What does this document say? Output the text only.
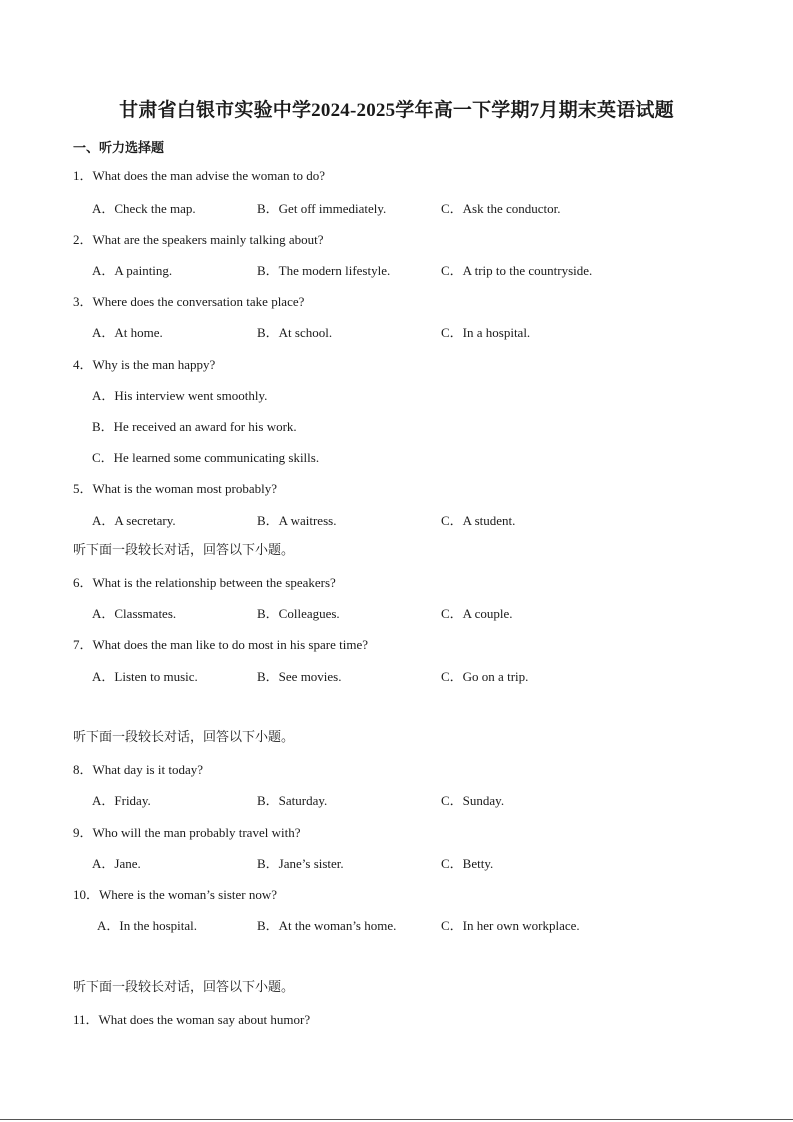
甘肃省白银市实验中学2024-2025学年高一下学期7月期末英语试题
一、听力选择题
1．What does the man advise the woman to do?
A．Check the map.	B．Get off immediately.	C．Ask the conductor.
2．What are the speakers mainly talking about?
A．A painting.	B．The modern lifestyle.	C．A trip to the countryside.
3．Where does the conversation take place?
A．At home.	B．At school.	C．In a hospital.
4．Why is the man happy?
A．His interview went smoothly.
B．He received an award for his work.
C．He learned some communicating skills.
5．What is the woman most probably?
A．A secretary.	B．A waitress.	C．A student.
听下面一段较长对话，回答以下小题。
6．What is the relationship between the speakers?
A．Classmates.	B．Colleagues.	C．A couple.
7．What does the man like to do most in his spare time?
A．Listen to music.	B．See movies.	C．Go on a trip.
听下面一段较长对话，回答以下小题。
8．What day is it today?
A．Friday.	B．Saturday.	C．Sunday.
9．Who will the man probably travel with?
A．Jane.	B．Jane’s sister.	C．Betty.
10．Where is the woman’s sister now?
A．In the hospital.	B．At the woman’s home.	C．In her own workplace.
听下面一段较长对话，回答以下小题。
11．What does the woman say about humor?
